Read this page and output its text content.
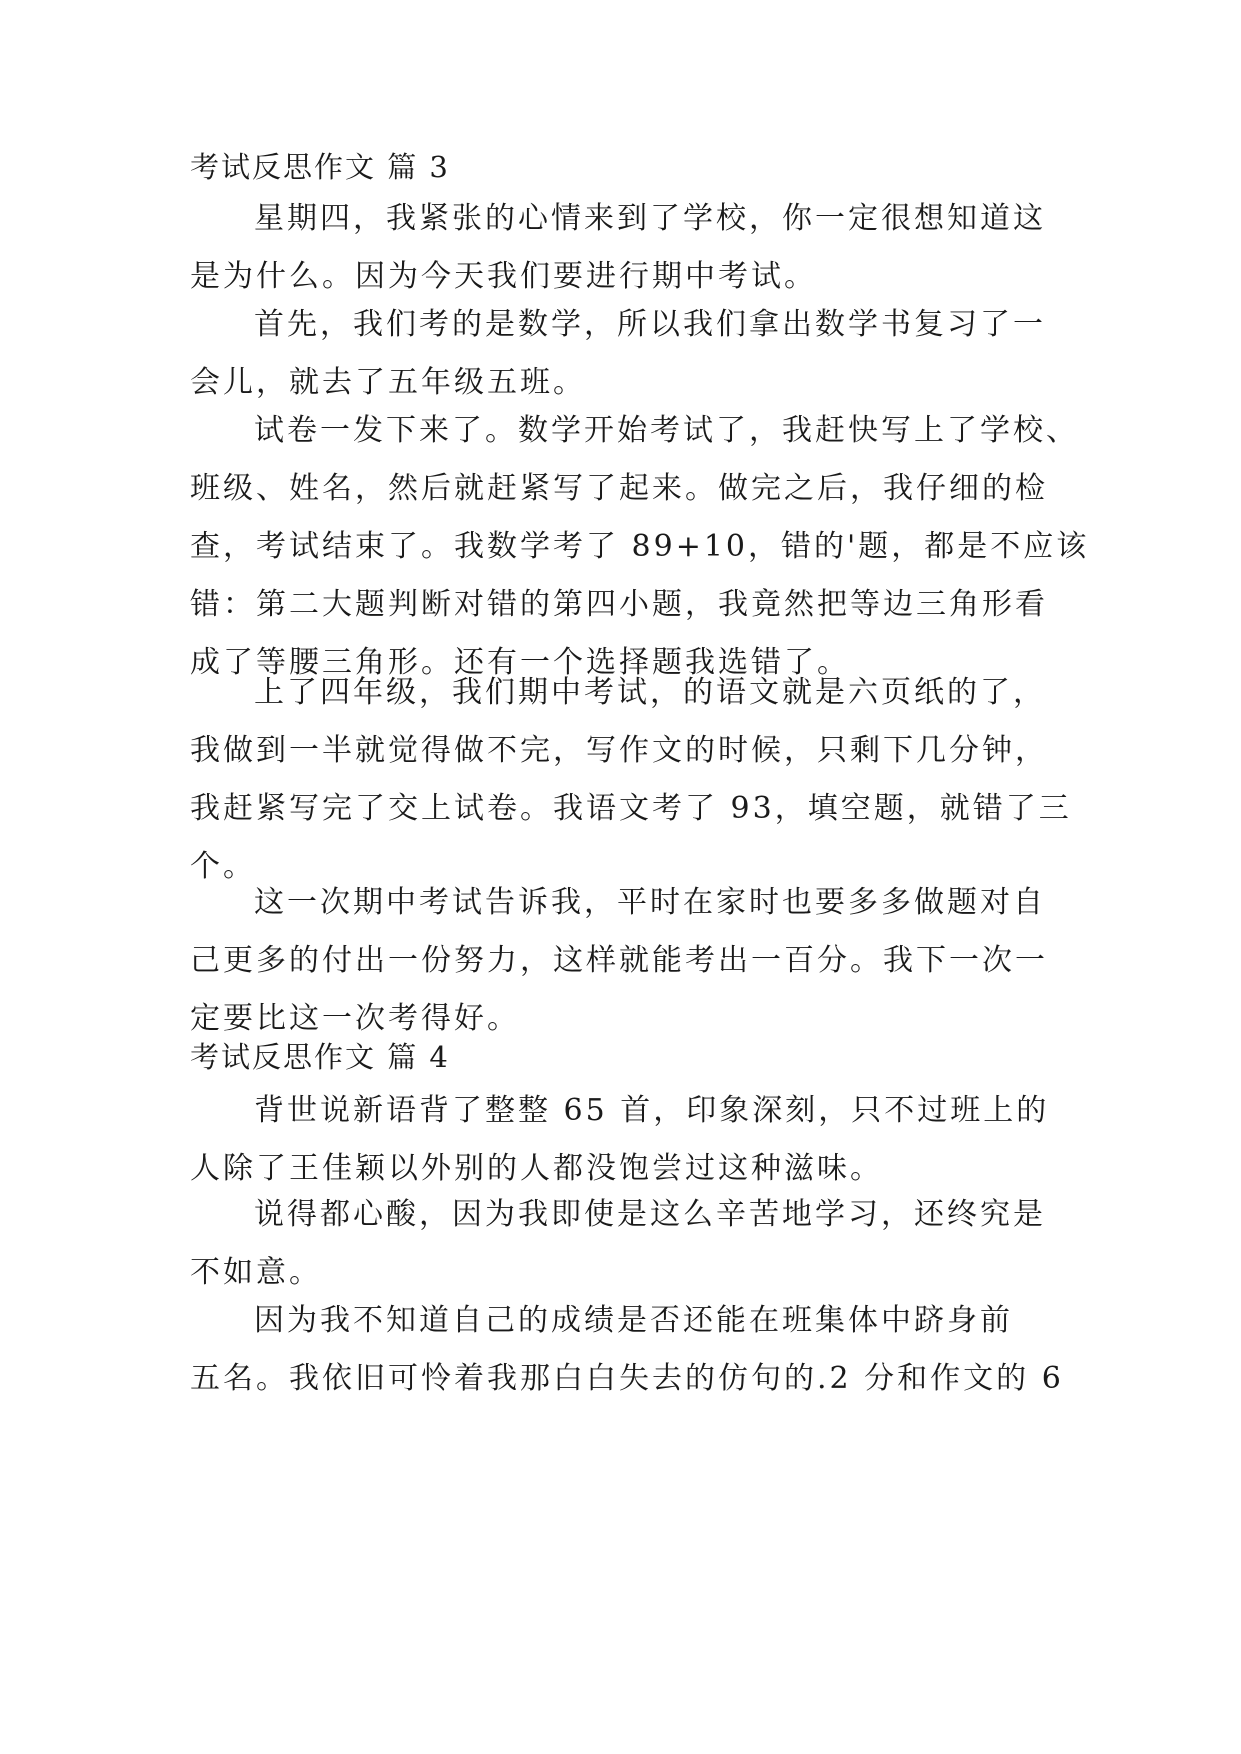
考试反思作文 篇 3
星期四，我紧张的心情来到了学校，你一定很想知道这
是为什么。因为今天我们要进行期中考试。
首先，我们考的是数学，所以我们拿出数学书复习了一
会儿，就去了五年级五班。
试卷一发下来了。数学开始考试了，我赶快写上了学校、
班级、姓名，然后就赶紧写了起来。做完之后，我仔细的检
查，考试结束了。我数学考了 89+10，错的'题，都是不应该
错：第二大题判断对错的第四小题，我竟然把等边三角形看
成了等腰三角形。还有一个选择题我选错了。
上了四年级，我们期中考试，的语文就是六页纸的了，
我做到一半就觉得做不完，写作文的时候，只剩下几分钟，
我赶紧写完了交上试卷。我语文考了 93，填空题，就错了三
个。
这一次期中考试告诉我，平时在家时也要多多做题对自
己更多的付出一份努力，这样就能考出一百分。我下一次一
定要比这一次考得好。
考试反思作文 篇 4
背世说新语背了整整 65 首，印象深刻，只不过班上的
人除了王佳颖以外别的人都没饱尝过这种滋味。
说得都心酸，因为我即使是这么辛苦地学习，还终究是
不如意。
因为我不知道自己的成绩是否还能在班集体中跻身前
五名。我依旧可怜着我那白白失去的仿句的.2 分和作文的 6
